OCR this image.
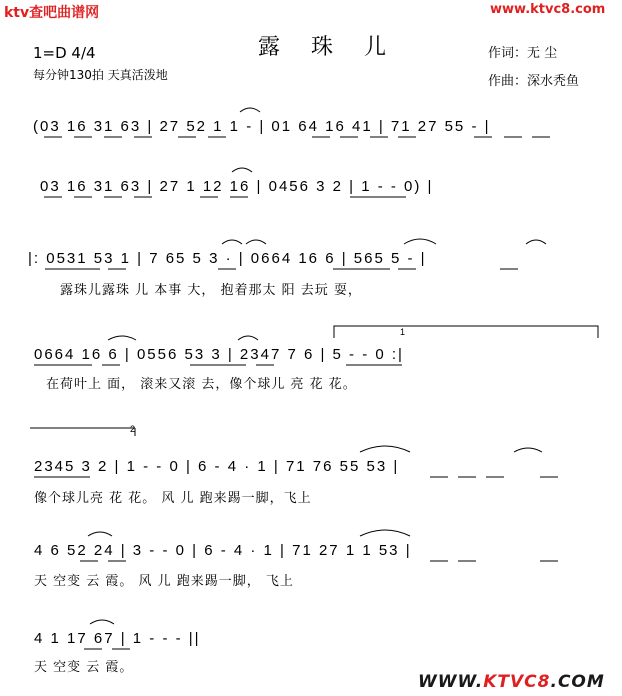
ktv查吧曲谱网	www.ktvc8.com
露 珠 儿
1=D 4/4
每分钟130拍 天真活泼地
作词：无 尘
作曲：深水秃鱼
(03 16 31 63 | 27 52 1 1 - | 01 64 16 41 | 71 27 55 - |
03 16 31 63 | 27 1 12 16 | 0456 3 2 | 1 - - 0) |
|: 0531 53 1 | 7 65 5 3 · | 0664 16 6 | 565 5 - |
露珠儿露珠 儿 本事 大， 抱着那太 阳 去玩 耍，
0664 16 6 | 0556 53 3 | 2347 7 6 | 5 - - 0 :|
在荷叶上 面， 滚来又滚 去，像个球儿 亮 花 花。
2345 3 2 | 1 - - 0 | 6 - 4 · 1 | 71 76 55 53 |
像个球儿亮 花 花。 风 儿 跑来踢一脚，飞上
4 6 52 24 | 3 - - 0 | 6 - 4 · 1 | 71 27 1 1 53 |
天 空变 云 霞。 风 儿 跑来踢一脚， 飞上
4 1 17 67 | 1 - - - ||
天 空变 云 霞。
1
2
WWW.KTVC8.COM
